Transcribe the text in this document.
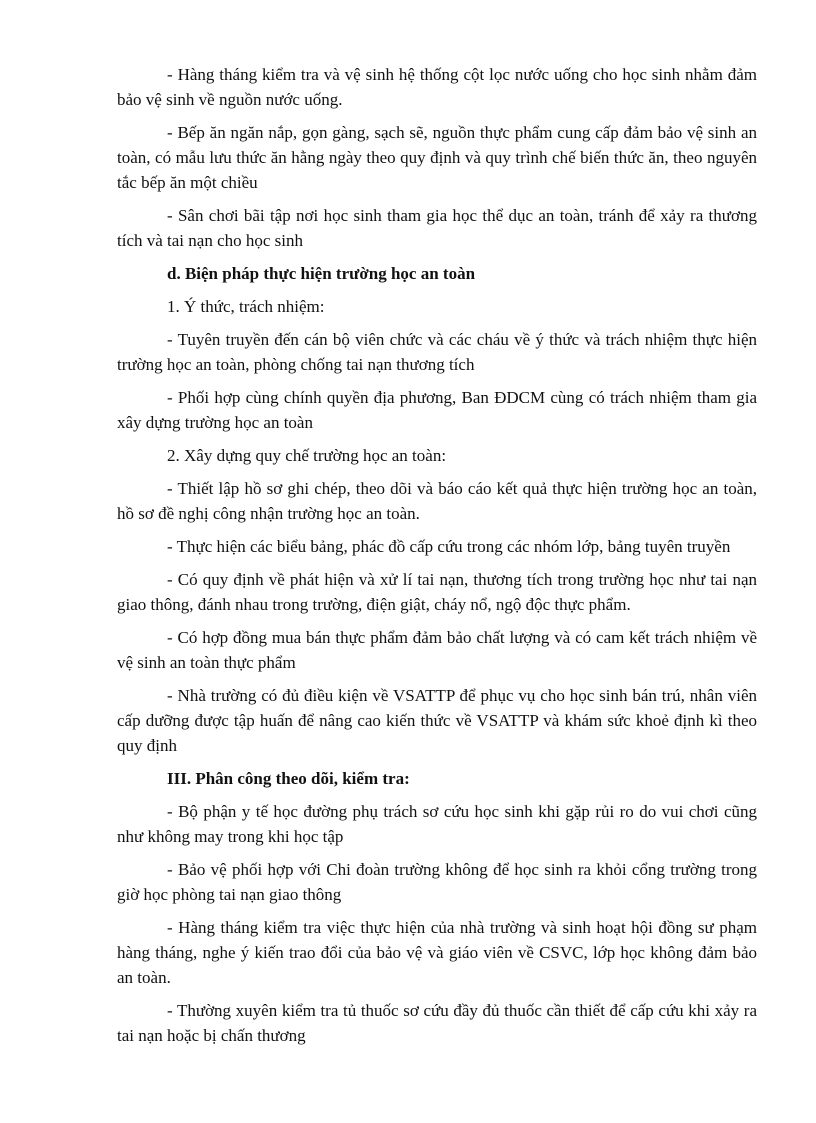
- Hàng tháng kiểm tra và vệ sinh hệ thống cột lọc nước uống cho học sinh nhằm đảm bảo vệ sinh về nguồn nước uống.

- Bếp ăn ngăn nắp, gọn gàng, sạch sẽ, nguồn thực phẩm cung cấp đảm bảo vệ sinh an toàn, có mẫu lưu thức ăn hằng ngày theo quy định và quy trình chế biến thức ăn, theo nguyên tắc bếp ăn một chiều

- Sân chơi bãi tập nơi học sinh tham gia học thể dục an toàn, tránh để xảy ra thương tích và tai nạn cho học sinh

d. Biện pháp thực hiện trường học an toàn

1. Ý thức, trách nhiệm:

- Tuyên truyền đến cán bộ viên chức và các cháu về ý thức và trách nhiệm thực hiện trường học an toàn, phòng chống tai nạn thương tích

- Phối hợp cùng chính quyền địa phương, Ban ĐDCM cùng có trách nhiệm tham gia xây dựng trường học an toàn

2. Xây dựng quy chế trường học an toàn:

- Thiết lập hồ sơ ghi chép, theo dõi và báo cáo kết quả thực hiện trường học an toàn, hồ sơ đề nghị công nhận trường học an toàn.

- Thực hiện các biểu bảng, phác đồ cấp cứu trong các nhóm lớp, bảng tuyên truyền

- Có quy định về phát hiện và xử lí tai nạn, thương tích trong trường học như tai nạn giao thông, đánh nhau trong trường, điện giật, cháy nổ, ngộ độc thực phẩm.

- Có hợp đồng mua bán thực phẩm đảm bảo chất lượng và có cam kết trách nhiệm về vệ sinh an toàn thực phẩm

- Nhà trường có đủ điều kiện về VSATTP để phục vụ cho học sinh bán trú, nhân viên cấp dưỡng được tập huấn để nâng cao kiến thức về VSATTP và khám sức khoẻ định kì theo quy định

III. Phân công theo dõi, kiểm tra:

- Bộ phận y tế học đường phụ trách sơ cứu học sinh khi gặp rủi ro do vui chơi cũng như không may trong khi học tập

- Bảo vệ phối hợp với Chi đoàn trường không để học sinh ra khỏi cổng trường trong giờ học phòng tai nạn giao thông

- Hàng tháng kiểm tra việc thực hiện của nhà trường và sinh hoạt hội đồng sư phạm hàng tháng, nghe ý kiến trao đổi của bảo vệ và giáo viên về CSVC, lớp học không đảm bảo an toàn.

- Thường xuyên kiểm tra tủ thuốc sơ cứu đầy đủ thuốc cần thiết để cấp cứu khi xảy ra tai nạn hoặc bị chấn thương
